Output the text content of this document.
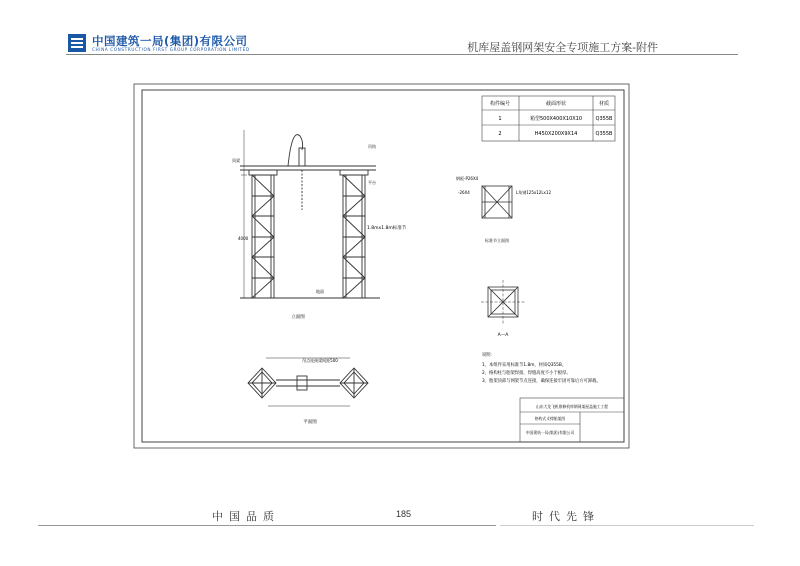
中国建筑一局(集团)有限公司
CHINA CONSTRUCTION FIRST GROUP CORPORATION LIMITED	机库屋盖钢网架安全专项施工方案-附件
构件编号	截面形状	材质
1	箱型500X400X10X10	Q355B
2	H450X200X9X14	Q355B
4000
顶梁
吊钩
平台
1.8mx1.8m标准节
地面
立面图
钢板-P26X4
-26X4	L角钢125x12Lx12
标准节立面图
A—A
吊点连接梁间距500
平面图
说明：
1、本组件采用标准节1.8m，材质Q355B。
2、格构柱与胎架焊接，焊缝高度不小于板厚。
3、胎架顶部与网架节点连接，确保连接牢固可靠后方可卸载。
山东大龙飞机维修机库钢网架屋盖施工工程
格构式支撑胎架图
中国建筑一局(集团)有限公司
中国品质	185	时代先锋
